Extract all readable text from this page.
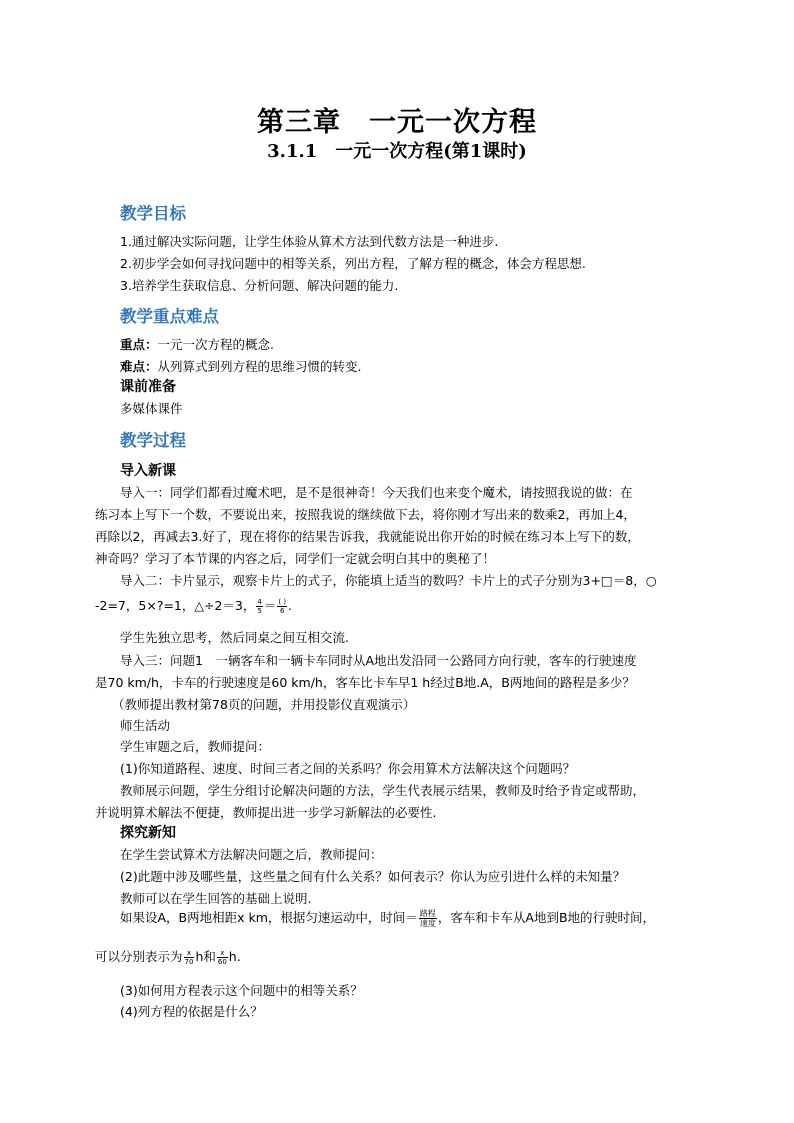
第三章　一元一次方程
3.1.1　一元一次方程(第1课时)
教学目标
1.通过解决实际问题，让学生体验从算术方法到代数方法是一种进步.
2.初步学会如何寻找问题中的相等关系，列出方程，了解方程的概念，体会方程思想.
3.培养学生获取信息、分析问题、解决问题的能力.
教学重点难点
重点：一元一次方程的概念.
难点：从列算式到列方程的思维习惯的转变.
课前准备
多媒体课件
教学过程
导入新课
导入一：同学们都看过魔术吧，是不是很神奇！今天我们也来变个魔术，请按照我说的做：在
练习本上写下一个数，不要说出来，按照我说的继续做下去，将你刚才写出来的数乘2，再加上4，
再除以2，再减去3.好了，现在将你的结果告诉我，我就能说出你开始的时候在练习本上写下的数，
神奇吗？学习了本节课的内容之后，同学们一定就会明白其中的奥秘了！
导入二：卡片显示，观察卡片上的式子，你能填上适当的数吗？卡片上的式子分别为3+□＝8，○
-2=7，5×?=1，△÷2＝3， $\frac{4}{5} = \frac{( )}{6}$ .
学生先独立思考，然后同桌之间互相交流.
导入三：问题1　一辆客车和一辆卡车同时从A地出发沿同一公路同方向行驶，客车的行驶速度
是70 km/h，卡车的行驶速度是60 km/h，客车比卡车早1 h经过B地.A，B两地间的路程是多少？
（教师提出教材第78页的问题，并用投影仪直观演示）
师生活动
学生审题之后，教师提问：
(1)你知道路程、速度、时间三者之间的关系吗？你会用算术方法解决这个问题吗？
教师展示问题，学生分组讨论解决问题的方法，学生代表展示结果，教师及时给予肯定或帮助，
并说明算术解法不便捷，教师提出进一步学习新解法的必要性.
探究新知
在学生尝试算术方法解决问题之后，教师提问：
(2)此题中涉及哪些量，这些量之间有什么关系？如何表示？你认为应引进什么样的未知量？
教师可以在学生回答的基础上说明.
如果设A，B两地相距x km，根据匀速运动中，时间＝ $\frac{\text{路程}}{\text{速度}}$ ，客车和卡车从A地到B地的行驶时间，
可以分别表示为 $\frac{x}{70}$ h和 $\frac{x}{60} h$.
(3)如何用方程表示这个问题中的相等关系？
(4)列方程的依据是什么？
